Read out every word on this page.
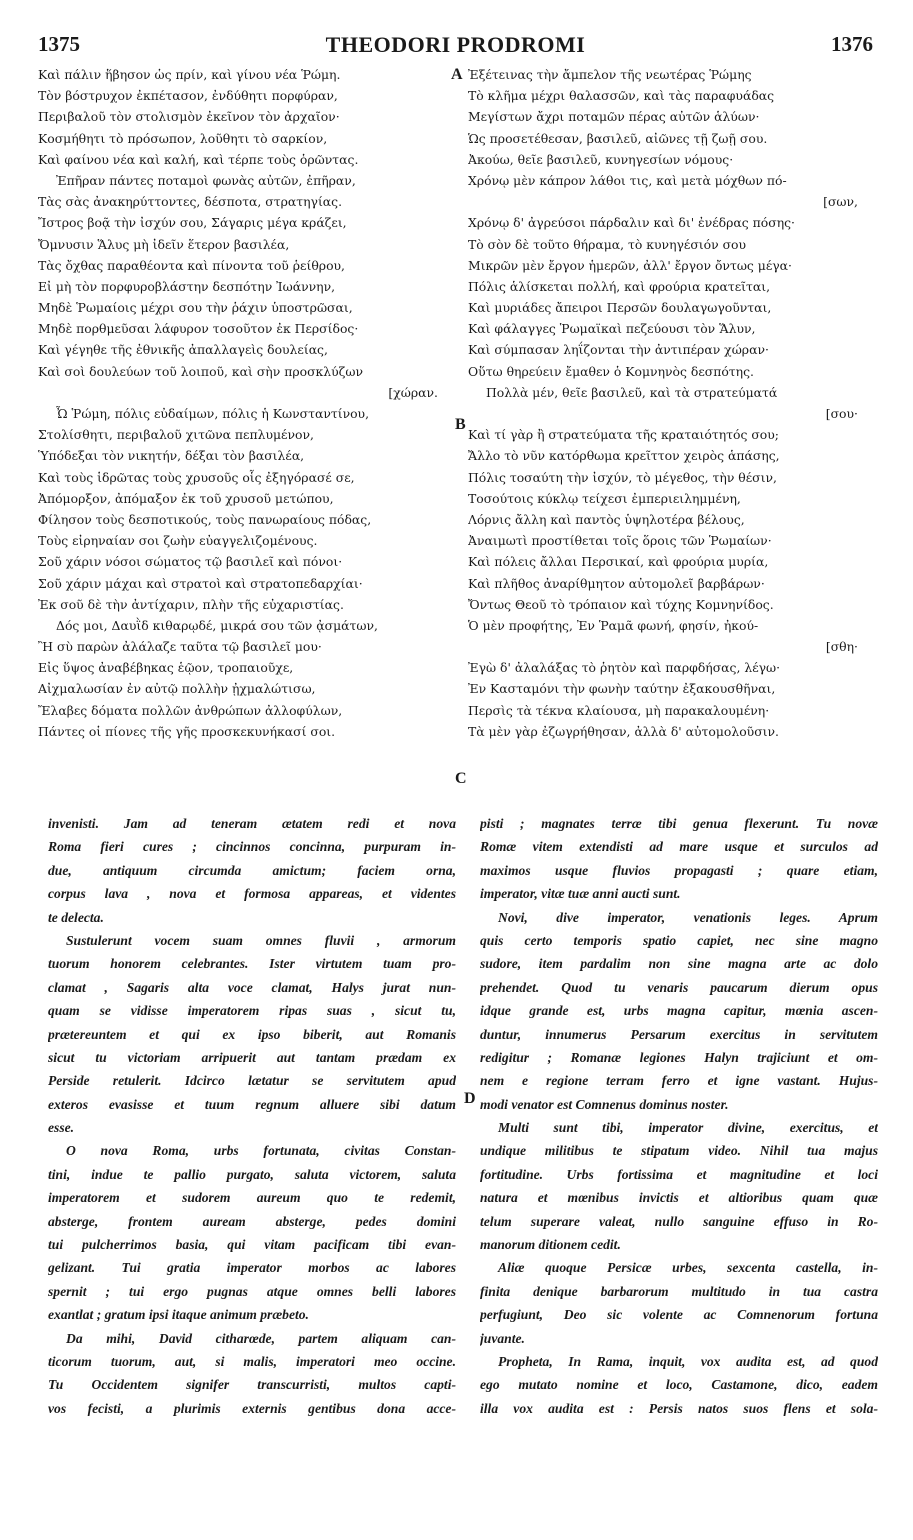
1375	THEODORI PRODROMI	1376
Καὶ πάλιν ἥβησον ὡς πρίν, καὶ γίνου νέα Ῥώμη.
Τὸν βόστρυχον ἐκπέτασον, ἐνδύθητι πορφύραν,
Περιβαλοῦ τὸν στολισμὸν ἐκεῖνον τὸν ἀρχαῖον·
Κοσμήθητι τὸ πρόσωπον, λοῦθητι τὸ σαρκίον,
Καὶ φαίνου νέα καὶ καλή, καὶ τέρπε τοὺς ὁρῶντας.
Ἐπῆραν πάντες ποταμοὶ φωνὰς αὐτῶν, ἐπῆραν,
Τὰς σὰς ἀνακηρύττοντες, δέσποτα, στρατηγίας.
Ἴστρος βοᾷ τὴν ἰσχύν σου, Σάγαρις μέγα κράζει,
Ὄμνυσιν Ἅλυς μὴ ἰδεῖν ἕτερον βασιλέα,
Τὰς ὄχθας παραθέοντα καὶ πίνοντα τοῦ ῥείθρου,
Εἰ μὴ τὸν πορφυροβλάστην δεσπότην Ἰωάννην,
Μηδὲ Ῥωμαίοις μέχρι σου τὴν ῥάχιν ὑποστρῶσαι,
Μηδὲ πορθμεῦσαι λάφυρον τοσοῦτον ἐκ Περσίδος·
Καὶ γέγηθε τῆς ἐθνικῆς ἀπαλλαγεὶς δουλείας,
Καὶ σοὶ δουλεύων τοῦ λοιποῦ, καὶ σὴν προσκλύζων
[χώραν.
Ὦ Ῥώμη, πόλις εὐδαίμων, πόλις ἡ Κωνσταντίνου,
Στολίσθητι, περιβαλοῦ χιτῶνα πεπλυμένον,
Ὑπόδεξαι τὸν νικητήν, δέξαι τὸν βασιλέα,
Καὶ τοὺς ἱδρῶτας τοὺς χρυσοῦς οἷς ἐξηγόρασέ σε,
Ἀπόμορξον, ἀπόμαξον ἐκ τοῦ χρυσοῦ μετώπου,
Φίλησον τοὺς δεσποτικούς, τοὺς πανωραίους πόδας,
Τοὺς εἰρηναίαν σοι ζωὴν εὐαγγελιζομένους.
Σοῦ χάριν νόσοι σώματος τῷ βασιλεῖ καὶ πόνοι·
Σοῦ χάριν μάχαι καὶ στρατοὶ καὶ στρατοπεδαρχίαι·
Ἐκ σοῦ δὲ τὴν ἀντίχαριν, πλὴν τῆς εὐχαριστίας.
Δός μοι, Δαυῒδ κιθαρῳδέ, μικρά σου τῶν ᾀσμάτων,
Ἢ σὺ παρὼν ἀλάλαζε ταῦτα τῷ βασιλεῖ μου·
Εἰς ὕψος ἀναβέβηκας ἑῷον, τροπαιοῦχε,
Αἰχμαλωσίαν ἐν αὐτῷ πολλὴν ᾐχμαλώτισω,
Ἔλαβες δόματα πολλῶν ἀνθρώπων ἀλλοφύλων,
Πάντες οἱ πίονες τῆς γῆς προσκεκυνήκασί σοι.
Ἐξέτεινας τὴν ἄμπελον τῆς νεωτέρας Ῥώμης
Τὸ κλῆμα μέχρι θαλασσῶν, καὶ τὰς παραφυάδας
Μεγίστων ἄχρι ποταμῶν πέρας αὐτῶν ἁλύων·
Ὡς προσετέθεσαν, βασιλεῦ, αἰῶνες τῇ ζωῇ σου.
Ἀκούω, θεῖε βασιλεῦ, κυνηγεσίων νόμους·
Χρόνῳ μὲν κάπρον λάθοι τις, καὶ μετὰ μόχθων πό-
[σων,
Χρόνῳ δ' ἀγρεύσοι πάρδαλιν καὶ δι' ἐνέδρας πόσης·
Τὸ σὸν δὲ τοῦτο θήραμα, τὸ κυνηγέσιόν σου
Μικρῶν μὲν ἔργον ἡμερῶν, ἀλλ' ἔργον ὄντως μέγα·
Πόλις ἁλίσκεται πολλή, καὶ φρούρια κρατεῖται,
Καὶ μυριάδες ἄπειροι Περσῶν δουλαγωγοῦνται,
Καὶ φάλαγγες Ῥωμαϊκαὶ πεζεύουσι τὸν Ἅλυν,
Καὶ σύμπασαν ληΐζονται τὴν ἀντιπέραν χώραν·
Οὕτω θηρεύειν ἔμαθεν ὁ Κομνηνὸς δεσπότης.
Πολλὰ μέν, θεῖε βασιλεῦ, καὶ τὰ στρατεύματά
[σου·
Καὶ τί γὰρ ἢ στρατεύματα τῆς κραταιότητός σου;
Ἄλλο τὸ νῦν κατόρθωμα κρεῖττον χειρὸς ἁπάσης,
Πόλις τοσαύτη τὴν ἰσχύν, τὸ μέγεθος, τὴν θέσιν,
Τοσούτοις κύκλῳ τείχεσι ἐμπεριειλημμένη,
Λόρνις ἄλλη καὶ παντὸς ὑψηλοτέρα βέλους,
Ἀναιμωτὶ προστίθεται τοῖς ὅροις τῶν Ῥωμαίων·
Καὶ πόλεις ἄλλαι Περσικαί, καὶ φρούρια μυρία,
Καὶ πλῆθος ἀναρίθμητον αὐτομολεῖ βαρβάρων·
Ὄντως Θεοῦ τὸ τρόπαιον καὶ τύχης Κομνηνίδος.
Ὁ μὲν προφήτης, Ἐν Ῥαμᾶ φωνή, φησίν, ἠκού-
[σθη·
Ἐγὼ δ' ἀλαλάξας τὸ ῥητὸν καὶ παρφδήσας, λέγω·
Ἐν Κασταμόνι τὴν φωνὴν ταύτην ἐξακουσθῆναι,
Περσὶς τὰ τέκνα κλαίουσα, μὴ παρακαλουμένη·
Τὰ μὲν γὰρ ἐζωγρήθησαν, ἀλλὰ δ' αὐτομολοῦσιν.
A
B
C
D
invenisti. Jam ad teneram ætatem redi et nova
Roma fieri cures ; cincinnos concinna, purpuram in-
due, antiquum circumda amictum; faciem orna,
corpus lava , nova et formosa appareas, et videntes
te delecta.
Sustulerunt vocem suam omnes fluvii , armorum
tuorum honorem celebrantes. Ister virtutem tuam pro-
clamat , Sagaris alta voce clamat, Halys jurat nun-
quam se vidisse imperatorem ripas suas , sicut tu,
prætereuntem et qui ex ipso biberit, aut Romanis
sicut tu victoriam arripuerit aut tantam prædam ex
Perside retulerit. Idcirco lætatur se servitutem apud
exteros evasisse et tuum regnum alluere sibi datum
esse.
O nova Roma, urbs fortunata, civitas Constan-
tini, indue te pallio purgato, saluta victorem, saluta
imperatorem et sudorem aureum quo te redemit,
absterge, frontem auream absterge, pedes domini
tui pulcherrimos basia, qui vitam pacificam tibi evan-
gelizant. Tui gratia imperator morbos ac labores
spernit ; tui ergo pugnas atque omnes belli labores
exantlat ; gratum ipsi itaque animum præbeto.
Da mihi, David citharœde, partem aliquam can-
ticorum tuorum, aut, si malis, imperatori meo occine.
Tu Occidentem signifer transcurristi, multos capti-
vos fecisti, a plurimis externis gentibus dona acce-
pisti ; magnates terræ tibi genua flexerunt. Tu novæ
Romæ vitem extendisti ad mare usque et surculos ad
maximos usque fluvios propagasti ; quare etiam,
imperator, vitæ tuæ anni aucti sunt.
Novi, dive imperator, venationis leges. Aprum
quis certo temporis spatio capiet, nec sine magno
sudore, item pardalim non sine magna arte ac dolo
prehendet. Quod tu venaris paucarum dierum opus
idque grande est, urbs magna capitur, mœnia ascen-
duntur, innumerus Persarum exercitus in servitutem
redigitur ; Romanæ legiones Halyn trajiciunt et om-
nem e regione terram ferro et igne vastant. Hujus-
modi venator est Comnenus dominus noster.
Multi sunt tibi, imperator divine, exercitus, et
undique militibus te stipatum video. Nihil tua majus
fortitudine. Urbs fortissima et magnitudine et loci
natura et mœnibus invictis et altioribus quam quæ
telum superare valeat, nullo sanguine effuso in Ro-
manorum ditionem cedit.
Aliæ quoque Persicæ urbes, sexcenta castella, in-
finita denique barbarorum multitudo in tua castra
perfugiunt, Deo sic volente ac Comnenorum fortuna
juvante.
Propheta, In Rama, inquit, vox audita est, ad quod
ego mutato nomine et loco, Castamone, dico, eadem
illa vox audita est : Persis natos suos flens et sola-
